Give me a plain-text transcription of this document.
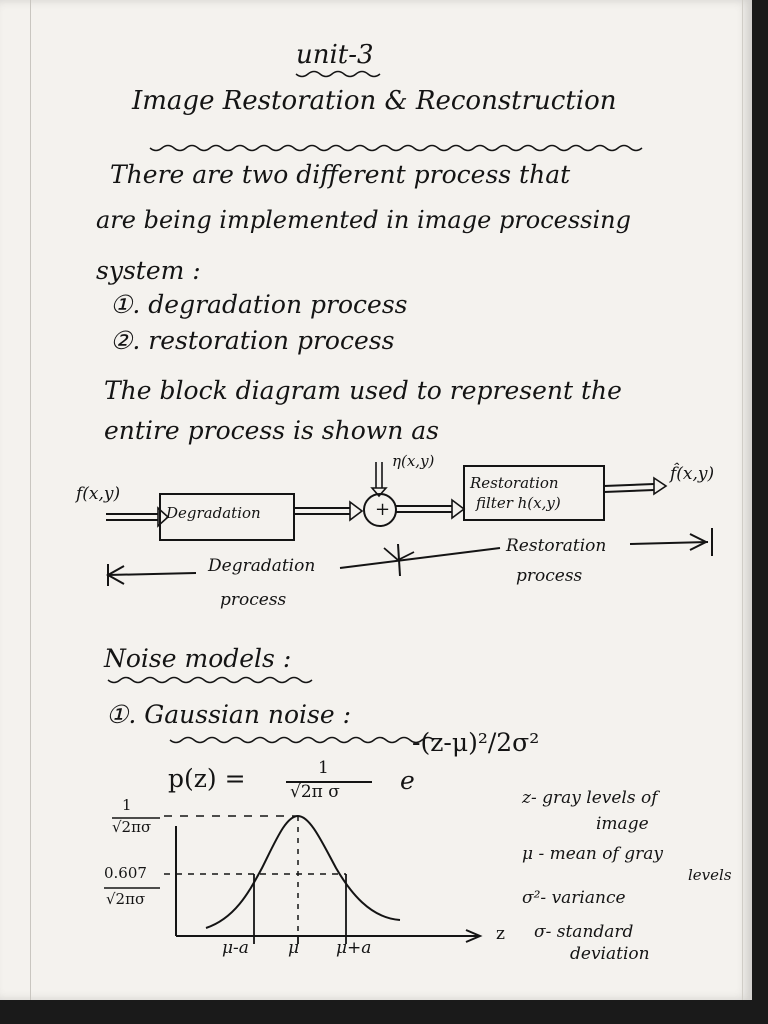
unit-3
Image Restoration & Reconstruction
There are two different process that
are being implemented in image processing
system :
①. degradation process
②. restoration process
The block diagram used to represent the
entire process is shown as
f(x,y)
η(x,y)
Degradation	+
Restoration
filter h(x,y)
f̂(x,y)
Degradation
process
Restoration
process
Noise models :
①. Gaussian noise :
p(z) =	1
√2π σ e
-(z-μ)²/2σ²
1
√2πσ
0.607
√2πσ
μ-a μ μ+a
z
z- gray levels of
image
μ - mean of gray
levels
σ²- variance
σ- standard
deviation
